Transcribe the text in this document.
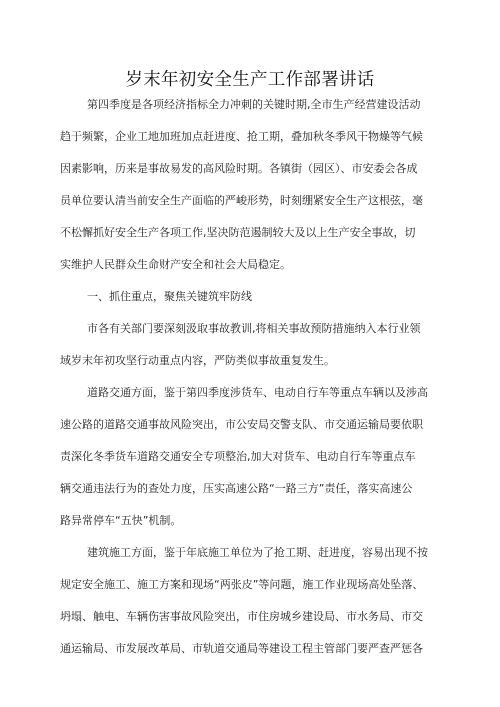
岁末年初安全生产工作部署讲话
第四季度是各项经济指标全力冲刺的关键时期,全市生产经营建设活动
趋于频繁，企业工地加班加点赶进度、抢工期，叠加秋冬季风干物燥等气候
因素影响，历来是事故易发的高风险时期。各镇街（园区）、市安委会各成
员单位要认清当前安全生产面临的严峻形势，时刻绷紧安全生产这根弦，毫
不松懈抓好安全生产各项工作,坚决防范遏制较大及以上生产安全事故，切
实维护人民群众生命财产安全和社会大局稳定。
一、抓住重点，聚焦关键筑牢防线
市各有关部门要深刻汲取事故教训,将相关事故预防措施纳入本行业领
域岁末年初攻坚行动重点内容，严防类似事故重复发生。
道路交通方面，鉴于第四季度涉货车、电动自行车等重点车辆以及涉高
速公路的道路交通事故风险突出，市公安局交警支队、市交通运输局要依职
责深化冬季货车道路交通安全专项整治,加大对货车、电动自行车等重点车
辆交通违法行为的查处力度，压实高速公路“一路三方”责任，落实高速公
路异常停车“五快”机制。
建筑施工方面，鉴于年底施工单位为了抢工期、赶进度，容易出现不按
规定安全施工、施工方案和现场“两张皮”等问题，施工作业现场高处坠落、
坍塌、触电、车辆伤害事故风险突出，市住房城乡建设局、市水务局、市交
通运输局、市发展改革局、市轨道交通局等建设工程主管部门要严查严惩各
